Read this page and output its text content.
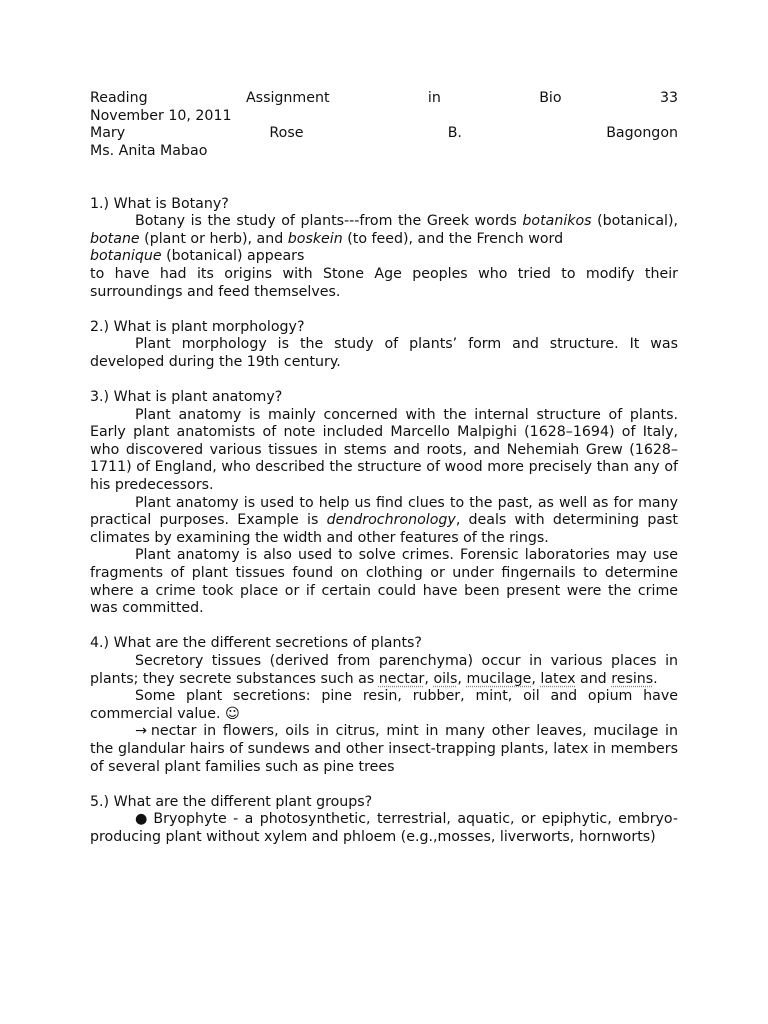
Reading	Assignment	in	Bio	33
November 10, 2011
Mary	Rose	B.	Bagongon
Ms. Anita Mabao

1.) What is Botany?

Botany is the study of plants---from the Greek words botanikos (botanical), botane (plant or herb), and boskein (to feed), and the French word
botanique (botanical) appears

to have had its origins with Stone Age peoples who tried to modify their surroundings and feed themselves.

2.) What is plant morphology?

Plant morphology is the study of plants’ form and structure. It was developed during the 19th century.

3.) What is plant anatomy?

Plant anatomy is mainly concerned with the internal structure of plants. Early plant anatomists of note included Marcello Malpighi (1628–1694) of Italy, who discovered various tissues in stems and roots, and Nehemiah Grew (1628–1711) of England, who described the structure of wood more precisely than any of his predecessors.

Plant anatomy is used to help us find clues to the past, as well as for many practical purposes. Example is dendrochronology, deals with determining past climates by examining the width and other features of the rings.

Plant anatomy is also used to solve crimes. Forensic laboratories may use fragments of plant tissues found on clothing or under fingernails to determine where a crime took place or if certain could have been present were the crime was committed.

4.) What are the different secretions of plants?

Secretory tissues (derived from parenchyma) occur in various places in plants; they secrete substances such as nectar, oils, mucilage, latex and resins.

Some plant secretions: pine resin, rubber, mint, oil and opium have commercial value. ☺

→ nectar in flowers, oils in citrus, mint in many other leaves, mucilage in the glandular hairs of sundews and other insect-trapping plants, latex in members of several plant families such as pine trees

5.) What are the different plant groups?

● Bryophyte - a photosynthetic, terrestrial, aquatic, or epiphytic, embryo- producing plant without xylem and phloem (e.g.,mosses, liverworts, hornworts)
